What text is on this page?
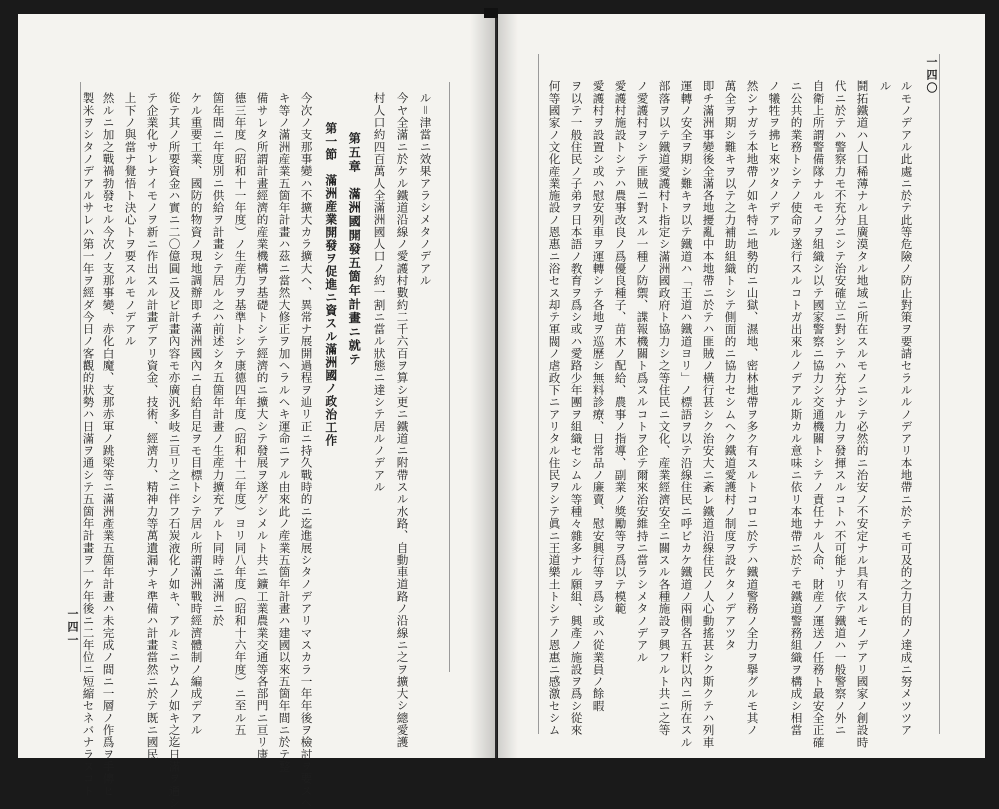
一四一
ル＝津當ニ效果アラシメタノデアル
今ヤ全滿ニ於ケル鐵道沿線ノ愛護村數約二千六百ヲ算シ更ニ鐵道ニ附帶スル水路、自動車道路ノ沿線ニ之ヲ擴大シ總愛護
村人口約四百萬人全滿洲國人口ノ約一割ニ當ル狀態ニ達シテ居ルノデアル
第五章　滿洲國開發五箇年計畫ニ就テ
第一節　滿洲産業開發ヲ促進ニ資スル滿洲國ノ政治工作
今次ノ支那事變ハ不擴大カラ擴大ヘ、異常ナ展開過程ヲ辿リ正ニ持久戰時的ニ迄進展シタノデアリマスカラ一年年後ヲ檢討ヲ要スヘ
キ等ノ滿洲産業五箇年計畫ハ茲ニ當然大修正ヲ加ヘラルヘキ運命ニアル由來此ノ産業五箇年計畫ハ建國以來五箇年間ニ於テ整
備サレタ所謂計畫經濟的産業機構ヲ基礎トシテ經濟的ニ擴大シテ發展ヲ遂ゲシメルト共ニ鑛工業農業交通等各部門ニ亘リ康
德三年度（昭和十一年度）ノ生産力ヲ基準トシテ康德四年度（昭和十二年度）ヨリ同八年度（昭和十六年度）ニ至ル五
箇年間ニ年度別ニ供給ヲ計畫シテ居ル之ハ前述シタ五箇年計畫ノ生産力擴充アルト同時ニ滿洲ニ於
ケル重要工業、國防的物資ノ現地調辦即チ滿洲國內ニ自給自足ヲモ目標トシテ居ル所謂滿洲戰時經濟體制ノ編成デアル
從テ其ノ所要資金ハ實ニ二〇億圓ニ及ビ計畫內容モ亦廣汎多岐ニ亘リ之ニ伴フ石炭液化ノ如キ、アルミニウムノ如キ之迄日滿ヲ通シ
テ企業化サレナイモノヲ新ニ作出スル計畫デアリ資金、技術、經濟力、精神力等萬遺漏ナキ準備ハ計畫當然ニ於テ既ニ國民
上下ノ與當ナ覺悟ト決心トヲ要スルモノデアル
然ルニ加之戰禍勃發セル今次ノ支那事變、赤化白魔、支那赤軍ノ跳梁等ニ滿洲產業五箇年計畫ハ未完成ノ間ニ一層ノ作爲ヲ手傳ヒ
製米ヲシタノデアルサレハ第一年ヲ經ダ今日ノ客觀的狀勢ハ日滿ヲ通シテ五箇年計畫ヲ一ケ年後ニ二年位ニ短縮セネバナラヌコト
一四〇
ルモノデアル此處ニ於テ此等危險ノ防止對策ヲ要請セラルルノデアリ本地帶ニ於テモ可及的之力目的ノ達成ニ努メツツア
ル
鬪拓鐵道ハ人口稀薄ナル且廣漠タル地域ニ所在スルモノニシテ必然的ニ治安ノ不安定ナル具有スルモノデアリ國家ノ創設時
代ニ於テハ警察力モ不充分ニシテ治安確立ニ對シテハ充分ナル力ヲ發揮スルコトハ不可能ナリ依テ鐵道ハ一般警察ノ外ニ
自衛上所謂警備隊ナルモノヲ組織シ以テ國家警察ニ協力シ交通機關トシテノ責任ナル人命、財産ノ運送ノ任務ト最安全正確
ニ公共的業務トシテノ使命ヲ遂行スルコトガ出來ルノデアル斯カル意味ニ依リ本地帶ニ於テモ鐵道警務組織ヲ構成シ相當
ノ犧牲ヲ拂ヒ來ツタノデアル
然シナガラ本地帶ノ如キ特ニ地勢的ニ山獄、濕地、密林地帶ヲ多ク有スルトコロニ於テハ鐵道警務ノ全力ヲ擧グルモ其ノ
萬全ヲ期シ難キヲ以テ之力補助組織トシテ側面的ニ協力セシムヘク鐵道愛護村ノ制度ヲ設ケタノデアツタ
即チ滿洲事變後全滿各地擾亂中本地帶ニ於テハ匪賊ノ橫行甚シク治安大ニ紊レ鐵道沿線住民ノ人心動搖甚シク斯クテハ列車
運轉ノ安全ヲ期シ難キヲ以テ鐵道ハ「王道ハ鐵道ヨリ」ノ標語ヲ以テ沿線住民ニ呼ビカケ鐵道ノ兩側各五粁以內ニ所在スル
部落ヲ以テ鐵道愛護村ト指定シ滿洲國政府ト協力シ之等住民ニ文化、産業經濟安全ニ關スル各種施設ヲ興フルト共ニ之等
ノ愛護村ヲシテ匪賊ニ對スル一種ノ防禦、諜報機關ト爲スルコトヲ企テ爾來治安維持ニ當ラシメタノデアル
愛護村施設トシテハ農事改良ノ爲優良種子、苗木ノ配給、農事ノ指導、副業ノ獎勵等ヲ爲以テ模範
愛護村ヲ設置シ或ハ慰安列車ヲ運轉シテ各地ヲ巡歷シ無料診療、日常品ノ廉賣、慰安興行等ヲ爲シ或ハ從業員ノ餘暇
ヲ以テ一般住民ノ子弟ヲ日本語ノ教育ヲ爲シ或ハ愛路少年團ヲ組織セシムル等種々雜多ナル願組、興產ノ施設ヲ爲シ從來
何等國家ノ文化産業施設ノ恩惠ニ浴セス却テ軍閥ノ虐政下ニアリタル住民ヲシテ眞ニ王道樂土トシテノ恩惠ニ感激セシム
